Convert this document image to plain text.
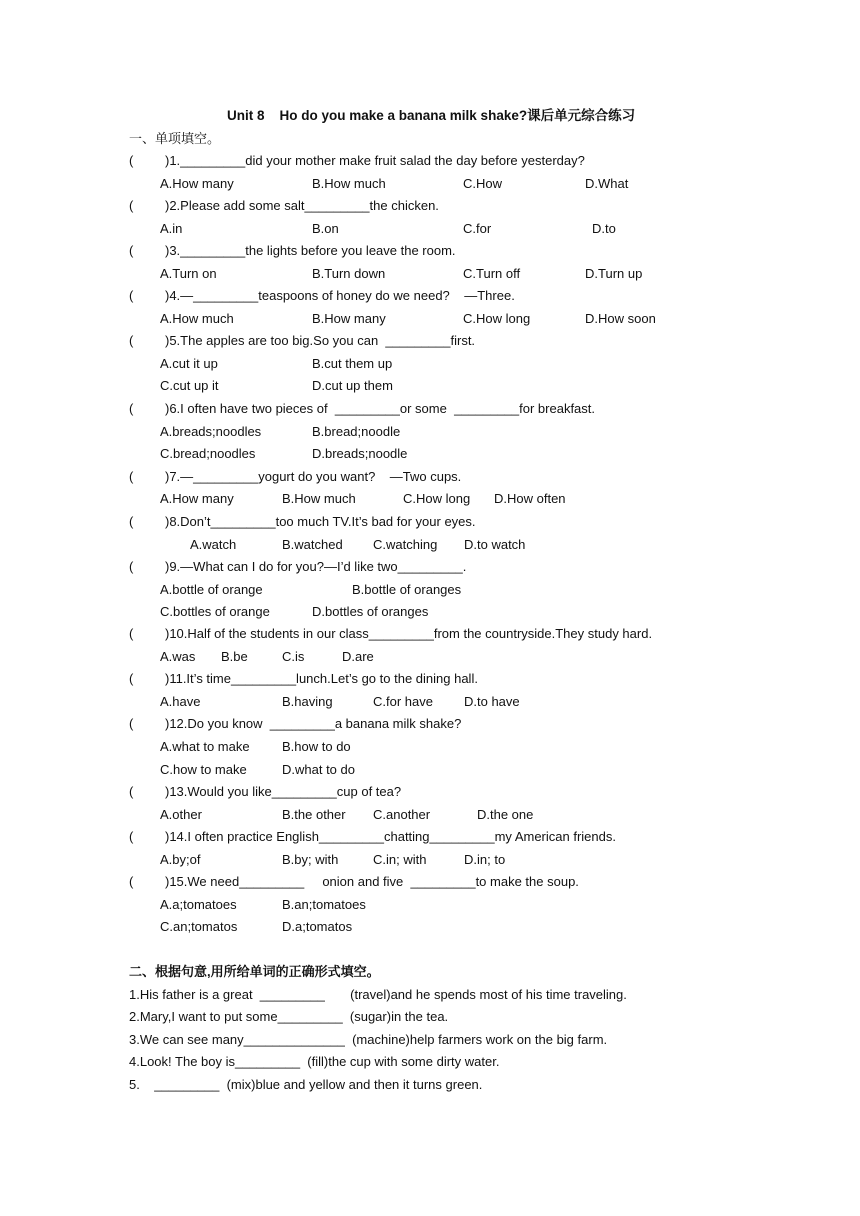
Unit 8    Ho do you make a banana milk shake?课后单元综合练习
一、单项填空。
( )1._________did your mother make fruit salad the day before yesterday?
A.How many	B.How much	C.How	D.What
( )2.Please add some salt_________the chicken.
A.in	B.on	C.for	D.to
( )3._________the lights before you leave the room.
A.Turn on	B.Turn down	C.Turn off	D.Turn up
( )4.—_________teaspoons of honey do we need?    —Three.
A.How much	B.How many	C.How long	D.How soon
( )5.The apples are too big.So you can  _________first.
A.cut it up	B.cut them up
C.cut up it	D.cut up them
( )6.I often have two pieces of  _________or some  _________for breakfast.
A.breads;noodles	B.bread;noodle
C.bread;noodles	D.breads;noodle
( )7.—_________yogurt do you want?    —Two cups.
A.How many	B.How much	C.How long D.How often
( )8.Don’t_________too much TV.It’s bad for your eyes.
A.watch	B.watched C.watching D.to watch
( )9.—What can I do for you?—I’d like two_________.
A.bottle of orange	B.bottle of oranges
C.bottles of orange	D.bottles of oranges
( )10.Half of the students in our class_________from the countryside.They study hard.
A.was B.be	C.is	D.are
( )11.It’s time_________lunch.Let’s go to the dining hall.
A.have	B.having	C.for have D.to have
( )12.Do you know  _________a banana milk shake?
A.what to make B.how to do
C.how to make	D.what to do
( )13.Would you like_________cup of tea?
A.other	B.the other C.another	D.the one
( )14.I often practice English_________chatting_________my American friends.
A.by;of	B.by; with	C.in; with	D.in; to
( )15.We need_________     onion and five  _________to make the soup.
A.a;tomatoes	B.an;tomatoes
C.an;tomatos	D.a;tomatos
二、根据句意,用所给单词的正确形式填空。
1.His father is a great  _________       (travel)and he spends most of his time traveling.
2.Mary,I want to put some_________  (sugar)in the tea.
3.We can see many______________  (machine)help farmers work on the big farm.
4.Look! The boy is_________  (fill)the cup with some dirty water.
5.    _________  (mix)blue and yellow and then it turns green.
